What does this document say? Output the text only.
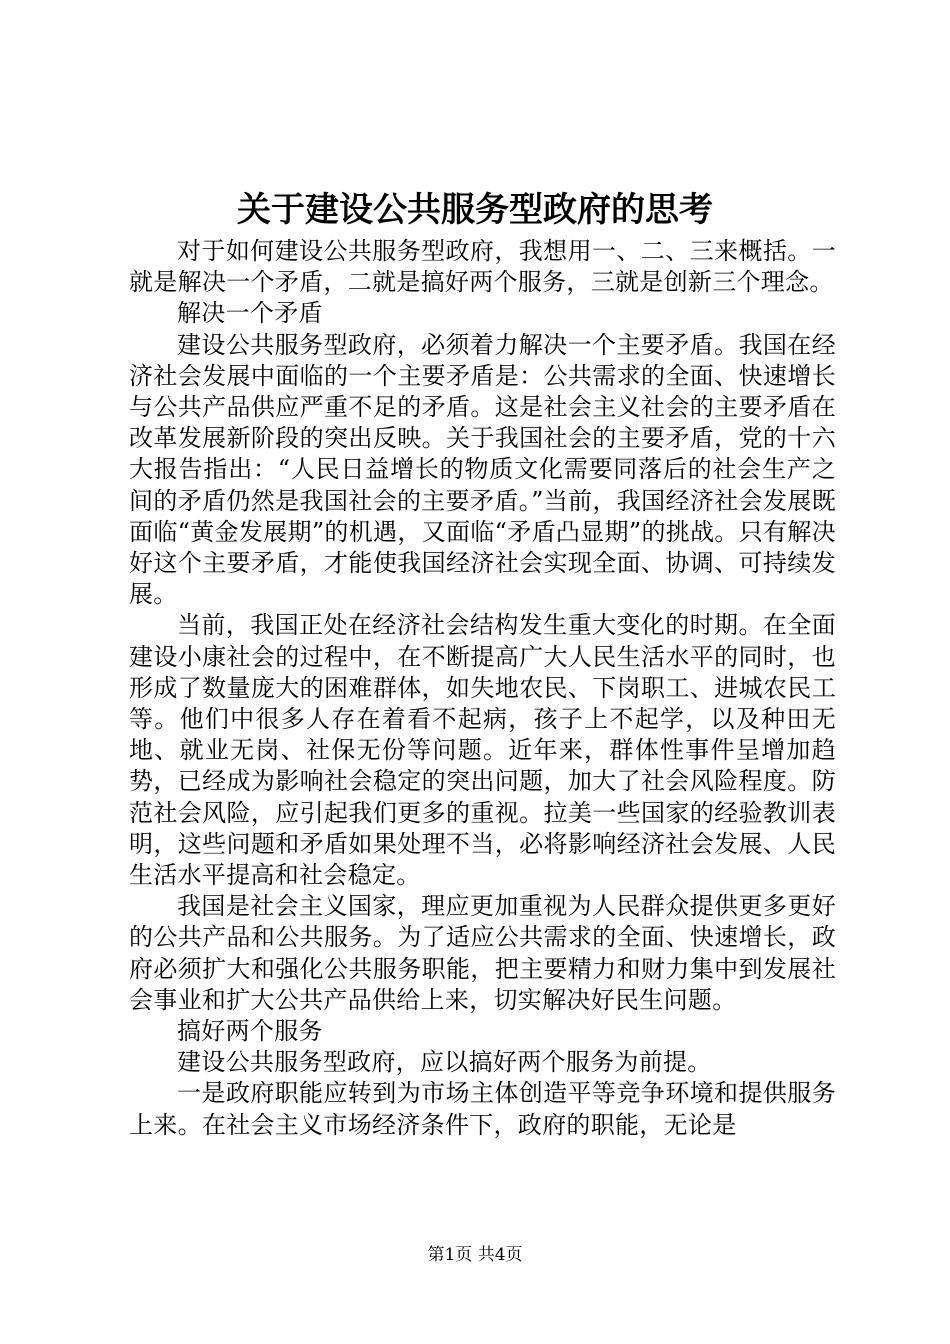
关于建设公共服务型政府的思考

对于如何建设公共服务型政府，我想用一、二、三来概括。一就是解决一个矛盾，二就是搞好两个服务，三就是创新三个理念。

解决一个矛盾

建设公共服务型政府，必须着力解决一个主要矛盾。我国在经济社会发展中面临的一个主要矛盾是：公共需求的全面、快速增长与公共产品供应严重不足的矛盾。这是社会主义社会的主要矛盾在改革发展新阶段的突出反映。关于我国社会的主要矛盾，党的十六大报告指出：“人民日益增长的物质文化需要同落后的社会生产之间的矛盾仍然是我国社会的主要矛盾。”当前，我国经济社会发展既面临“黄金发展期”的机遇，又面临“矛盾凸显期”的挑战。只有解决好这个主要矛盾，才能使我国经济社会实现全面、协调、可持续发展。

当前，我国正处在经济社会结构发生重大变化的时期。在全面建设小康社会的过程中，在不断提高广大人民生活水平的同时，也形成了数量庞大的困难群体，如失地农民、下岗职工、进城农民工等。他们中很多人存在着看不起病，孩子上不起学，以及种田无地、就业无岗、社保无份等问题。近年来，群体性事件呈增加趋势，已经成为影响社会稳定的突出问题，加大了社会风险程度。防范社会风险，应引起我们更多的重视。拉美一些国家的经验教训表明，这些问题和矛盾如果处理不当，必将影响经济社会发展、人民生活水平提高和社会稳定。

我国是社会主义国家，理应更加重视为人民群众提供更多更好的公共产品和公共服务。为了适应公共需求的全面、快速增长，政府必须扩大和强化公共服务职能，把主要精力和财力集中到发展社会事业和扩大公共产品供给上来，切实解决好民生问题。

搞好两个服务

建设公共服务型政府，应以搞好两个服务为前提。

一是政府职能应转到为市场主体创造平等竞争环境和提供服务上来。在社会主义市场经济条件下，政府的职能，无论是

第1页 共4页
